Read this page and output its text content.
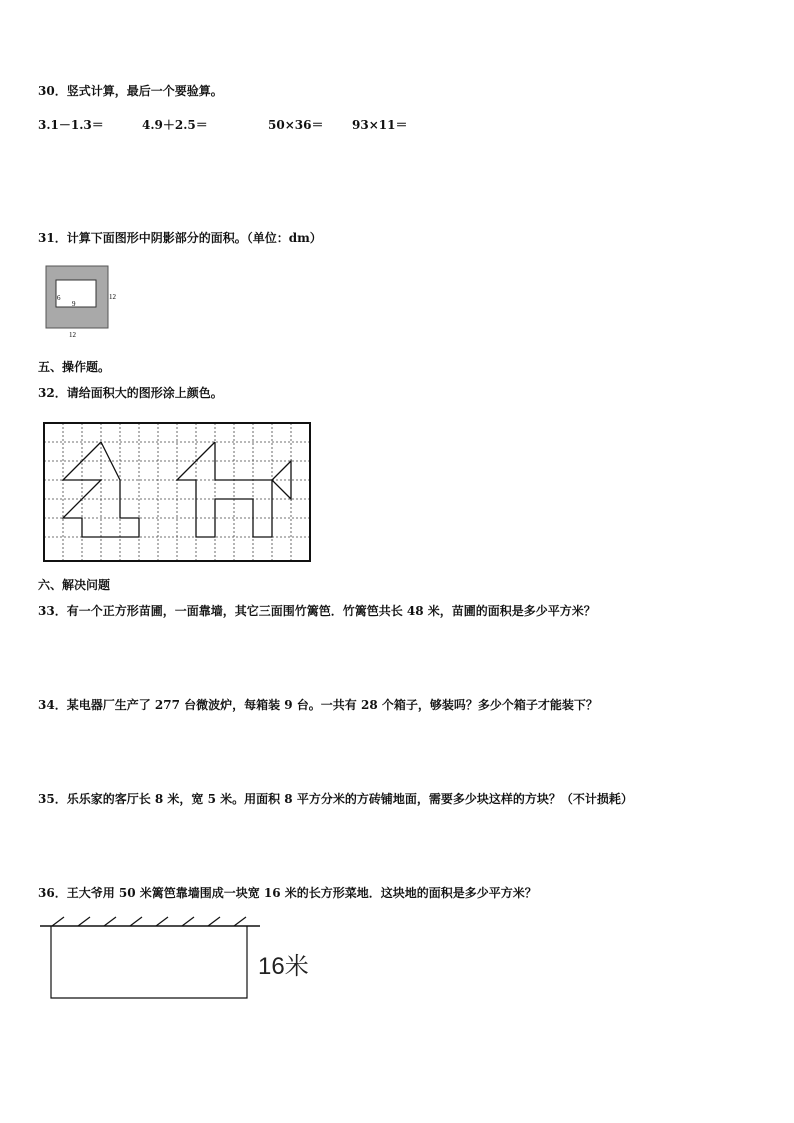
30．竖式计算，最后一个要验算。
3.1－1.3＝	4.9＋2.5＝	50×36＝ 93×11＝
31．计算下面图形中阴影部分的面积。（单位：dm）
6
9
12
12
五、操作题。
32．请给面积大的图形涂上颜色。
六、解决问题
33．有一个正方形苗圃，一面靠墙，其它三面围竹篱笆．竹篱笆共长 48 米，苗圃的面积是多少平方米？
34．某电器厂生产了 277 台微波炉，每箱装 9 台。一共有 28 个箱子，够装吗？多少个箱子才能装下？
35．乐乐家的客厅长 8 米，宽 5 米。用面积 8 平方分米的方砖铺地面，需要多少块这样的方块？（不计损耗）
36．王大爷用 50 米篱笆靠墙围成一块宽 16 米的长方形菜地．这块地的面积是多少平方米？
16米
